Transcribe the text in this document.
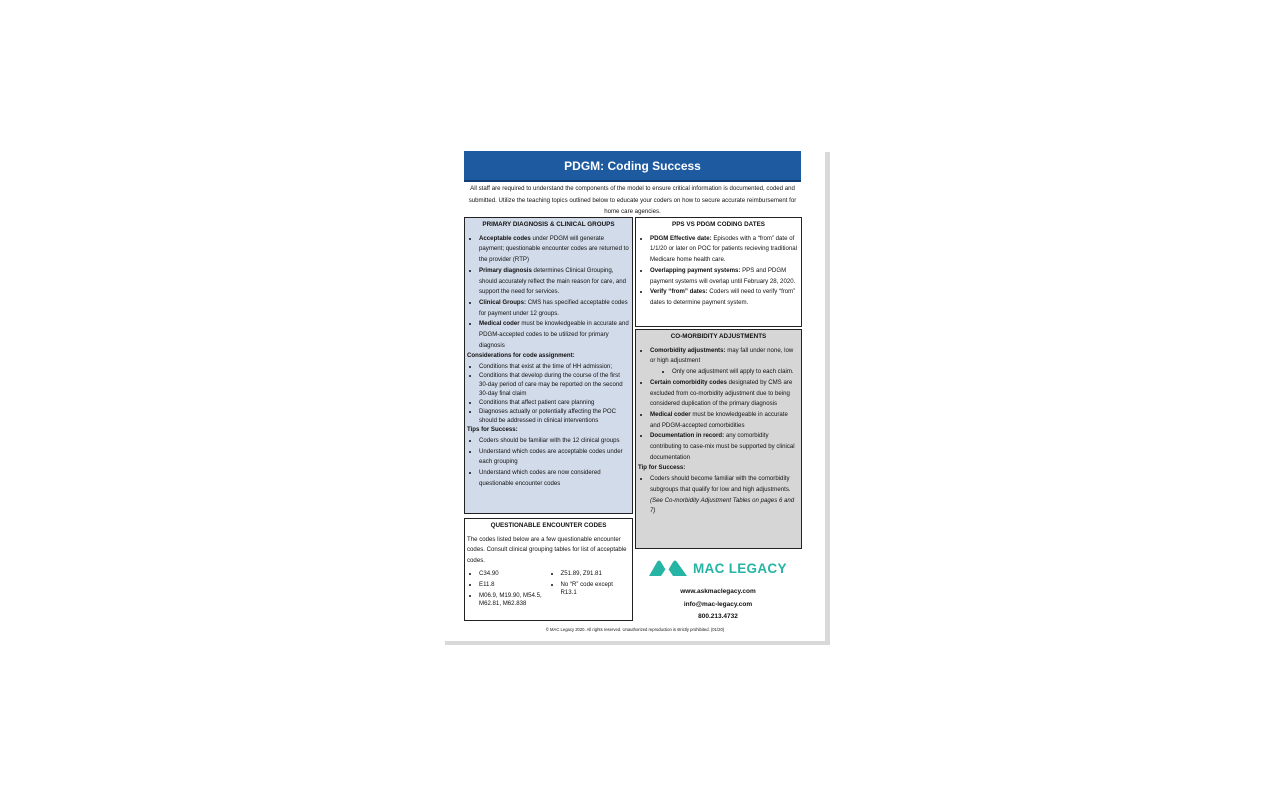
PDGM: Coding Success
All staff are required to understand the components of the model to ensure critical information is documented, coded and submitted. Utilize the teaching topics outlined below to educate your coders on how to secure accurate reimbursement for home care agencies.
PRIMARY DIAGNOSIS & CLINICAL GROUPS
• Acceptable codes under PDGM will generate payment; questionable encounter codes are returned to the provider (RTP)
• Primary diagnosis determines Clinical Grouping, should accurately reflect the main reason for care, and support the need for services.
• Clinical Groups: CMS has specified acceptable codes for payment under 12 groups.
• Medical coder must be knowledgeable in accurate and PDGM-accepted codes to be utilized for primary diagnosis
Considerations for code assignment:
• Conditions that exist at the time of HH admission;
• Conditions that develop during the course of the first 30-day period of care may be reported on the second 30-day final claim
• Conditions that affect patient care planning
• Diagnoses actually or potentially affecting the POC should be addressed in clinical interventions
Tips for Success:
• Coders should be familiar with the 12 clinical groups
• Understand which codes are acceptable codes under each grouping
• Understand which codes are now considered questionable encounter codes
PPS VS PDGM CODING DATES
• PDGM Effective date: Episodes with a “from” date of 1/1/20 or later on POC for patients recieving traditional Medicare home health care.
• Overlapping payment systems: PPS and PDGM payment systems will overlap until February 28, 2020.
• Verify “from” dates: Coders will need to verify “from” dates to determine payment system.
CO-MORBIDITY ADJUSTMENTS
• Comorbidity adjustments: may fall under none, low or high adjustment
• Only one adjustment will apply to each claim.
• Certain comorbidity codes designated by CMS are excluded from co-morbidity adjustment due to being considered duplication of the primary diagnosis
• Medical coder must be knowledgeable in accurate and PDGM-accepted comorbidities
• Documentation in record: any comorbidity contributing to case-mix must be supported by clinical documentation
Tip for Success:
• Coders should become familiar with the comorbidity subgroups that qualify for low and high adjustments. (See Co-morbidity Adjustment Tables on pages 6 and 7)
QUESTIONABLE ENCOUNTER CODES
The codes listed below are a few questionable encounter codes. Consult clinical grouping tables for list of acceptable codes.
• C34.90
• E11.8
• M06.9, M19.90, M54.5, M62.81, M62.838
• Z51.89, Z91.81
• No “R” code except R13.1
MAC LEGACY
www.askmaclegacy.com
info@mac-legacy.com
800.213.4732
© MAC Legacy 2020. All rights reserved. Unauthorized reproduction is strictly prohibited. (01/20)
